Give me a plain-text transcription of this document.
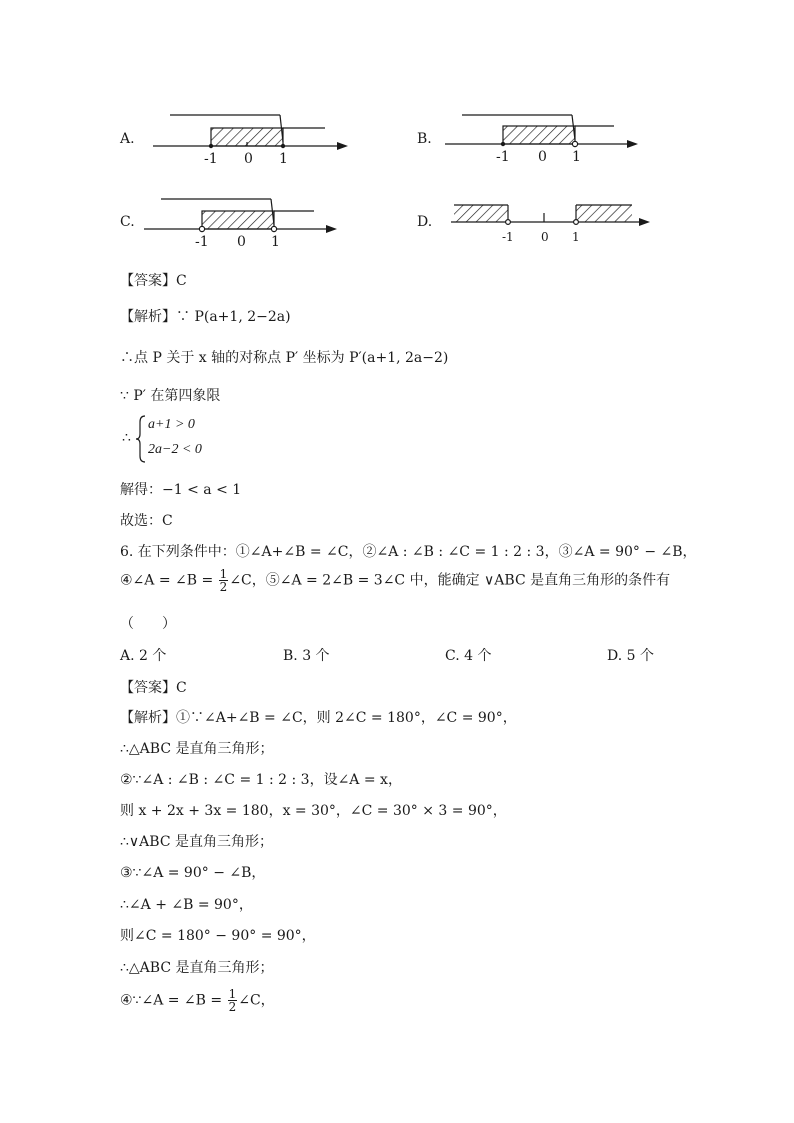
A.
-1 0 1
B.
-1 0 1
C.
-1 0 1
D.
-1 0 1
【答案】C
【解析】∵ P(a+1, 2−2a)
∴点 P 关于 x 轴的对称点 P′ 坐标为 P′(a+1, 2a−2)
∵ P′ 在第四象限
∴
a+1 > 0
2a−2 < 0
解得：−1 < a < 1
故选：C
6. 在下列条件中：①∠A+∠B = ∠C，②∠A : ∠B : ∠C = 1 : 2 : 3，③∠A = 90° − ∠B，
④∠A = ∠B = $\frac{1}{2}$ ∠C，⑤∠A = 2∠B = 3∠C 中，能确定 ∨ABC 是直角三角形的条件有
（　　）
A. 2 个	B. 3 个	C. 4 个	D. 5 个
【答案】C
【解析】①∵∠A+∠B = ∠C，则 2∠C = 180°，∠C = 90°，
∴△ABC 是直角三角形；
②∵∠A : ∠B : ∠C = 1 : 2 : 3，设∠A = x，
则 x + 2x + 3x = 180，x = 30°，∠C = 30° × 3 = 90°，
∴∨ABC 是直角三角形；
③∵∠A = 90° − ∠B，
∴∠A + ∠B = 90°，
则∠C = 180° − 90° = 90°，
∴△ABC 是直角三角形；
④∵∠A = ∠B = $\frac{1}{2}$ ∠C，
